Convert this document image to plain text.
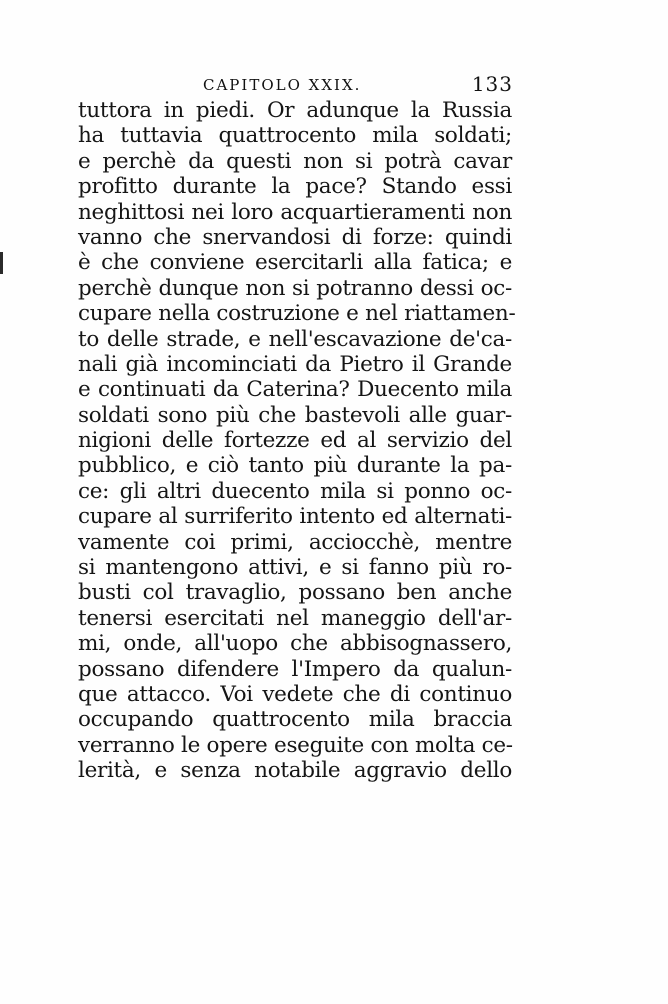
CAPITOLO XXIX.	133
tuttora in piedi. Or adunque la Russia
ha tuttavia quattrocento mila soldati;
e perchè da questi non si potrà cavar
profitto durante la pace? Stando essi
neghittosi nei loro acquartieramenti non
vanno che snervandosi di forze: quindi
è che conviene esercitarli alla fatica; e
perchè dunque non si potranno dessi oc-
cupare nella costruzione e nel riattamen-
to delle strade, e nell'escavazione de'ca-
nali già incominciati da Pietro il Grande
e continuati da Caterina? Duecento mila
soldati sono più che bastevoli alle guar-
nigioni delle fortezze ed al servizio del
pubblico, e ciò tanto più durante la pa-
ce: gli altri duecento mila si ponno oc-
cupare al surriferito intento ed alternati-
vamente coi primi, acciocchè, mentre
si mantengono attivi, e si fanno più ro-
busti col travaglio, possano ben anche
tenersi esercitati nel maneggio dell'ar-
mi, onde, all'uopo che abbisognassero,
possano difendere l'Impero da qualun-
que attacco. Voi vedete che di continuo
occupando quattrocento mila braccia
verranno le opere eseguite con molta ce-
lerità, e senza notabile aggravio dello
